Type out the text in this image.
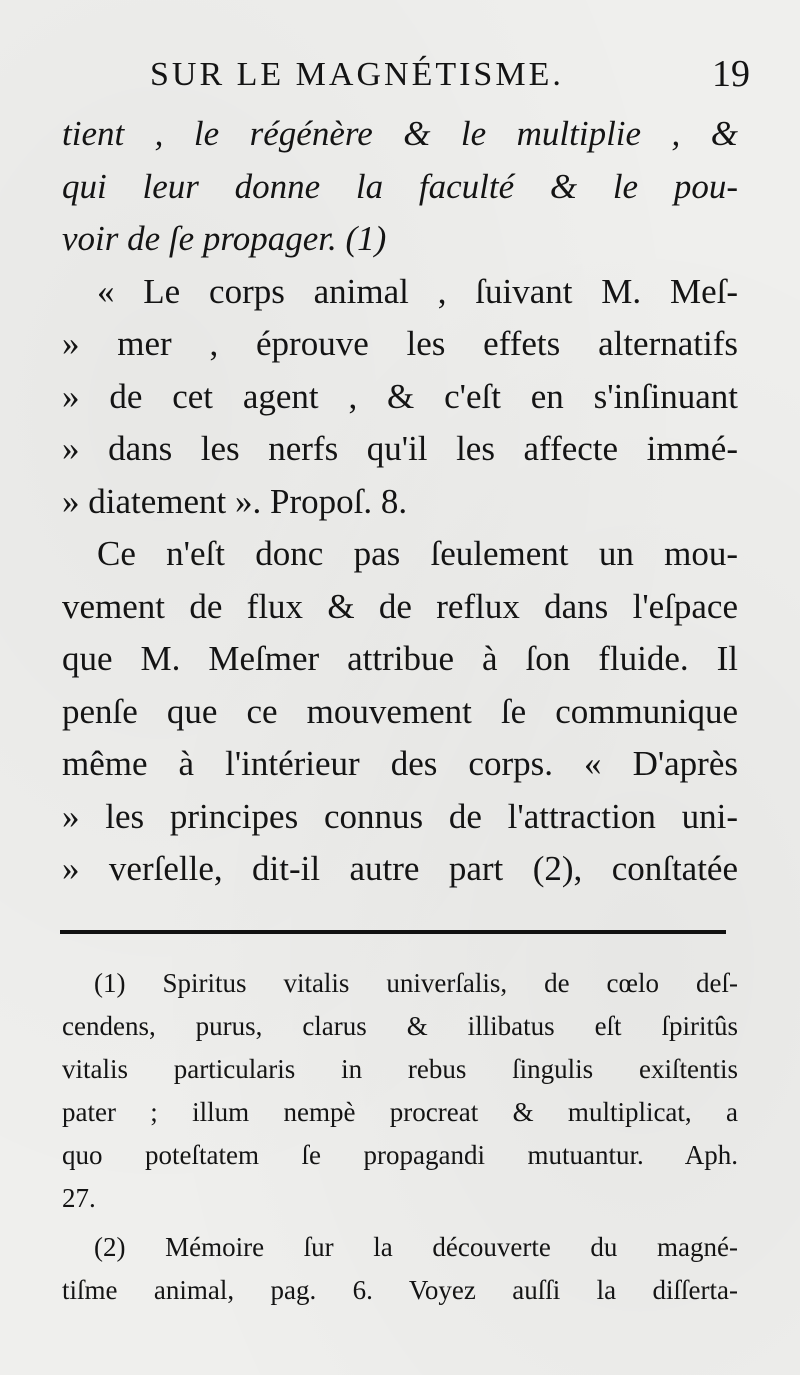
SUR LE MAGNÉTISME.	19
tient , le régénère & le multiplie , &
qui leur donne la faculté & le pou-
voir de ſe propager. (1)
« Le corps animal , ſuivant M. Meſ-
» mer , éprouve les effets alternatifs
» de cet agent , & c'eſt en s'inſinuant
» dans les nerfs qu'il les affecte immé-
» diatement ». Propoſ. 8.
Ce n'eſt donc pas ſeulement un mou-
vement de flux & de reflux dans l'eſpace
que M. Meſmer attribue à ſon fluide. Il
penſe que ce mouvement ſe communique
même à l'intérieur des corps. « D'après
» les principes connus de l'attraction uni-
» verſelle, dit-il autre part (2), conſtatée
(1) Spiritus vitalis univerſalis, de cœlo deſ-
cendens, purus, clarus & illibatus eſt ſpiritûs
vitalis particularis in rebus ſingulis exiſtentis
pater ; illum nempè procreat & multiplicat, a
quo poteſtatem ſe propagandi mutuantur. Aph.
27.
(2) Mémoire ſur la découverte du magné-
tiſme animal, pag. 6. Voyez auſſi la diſſerta-
